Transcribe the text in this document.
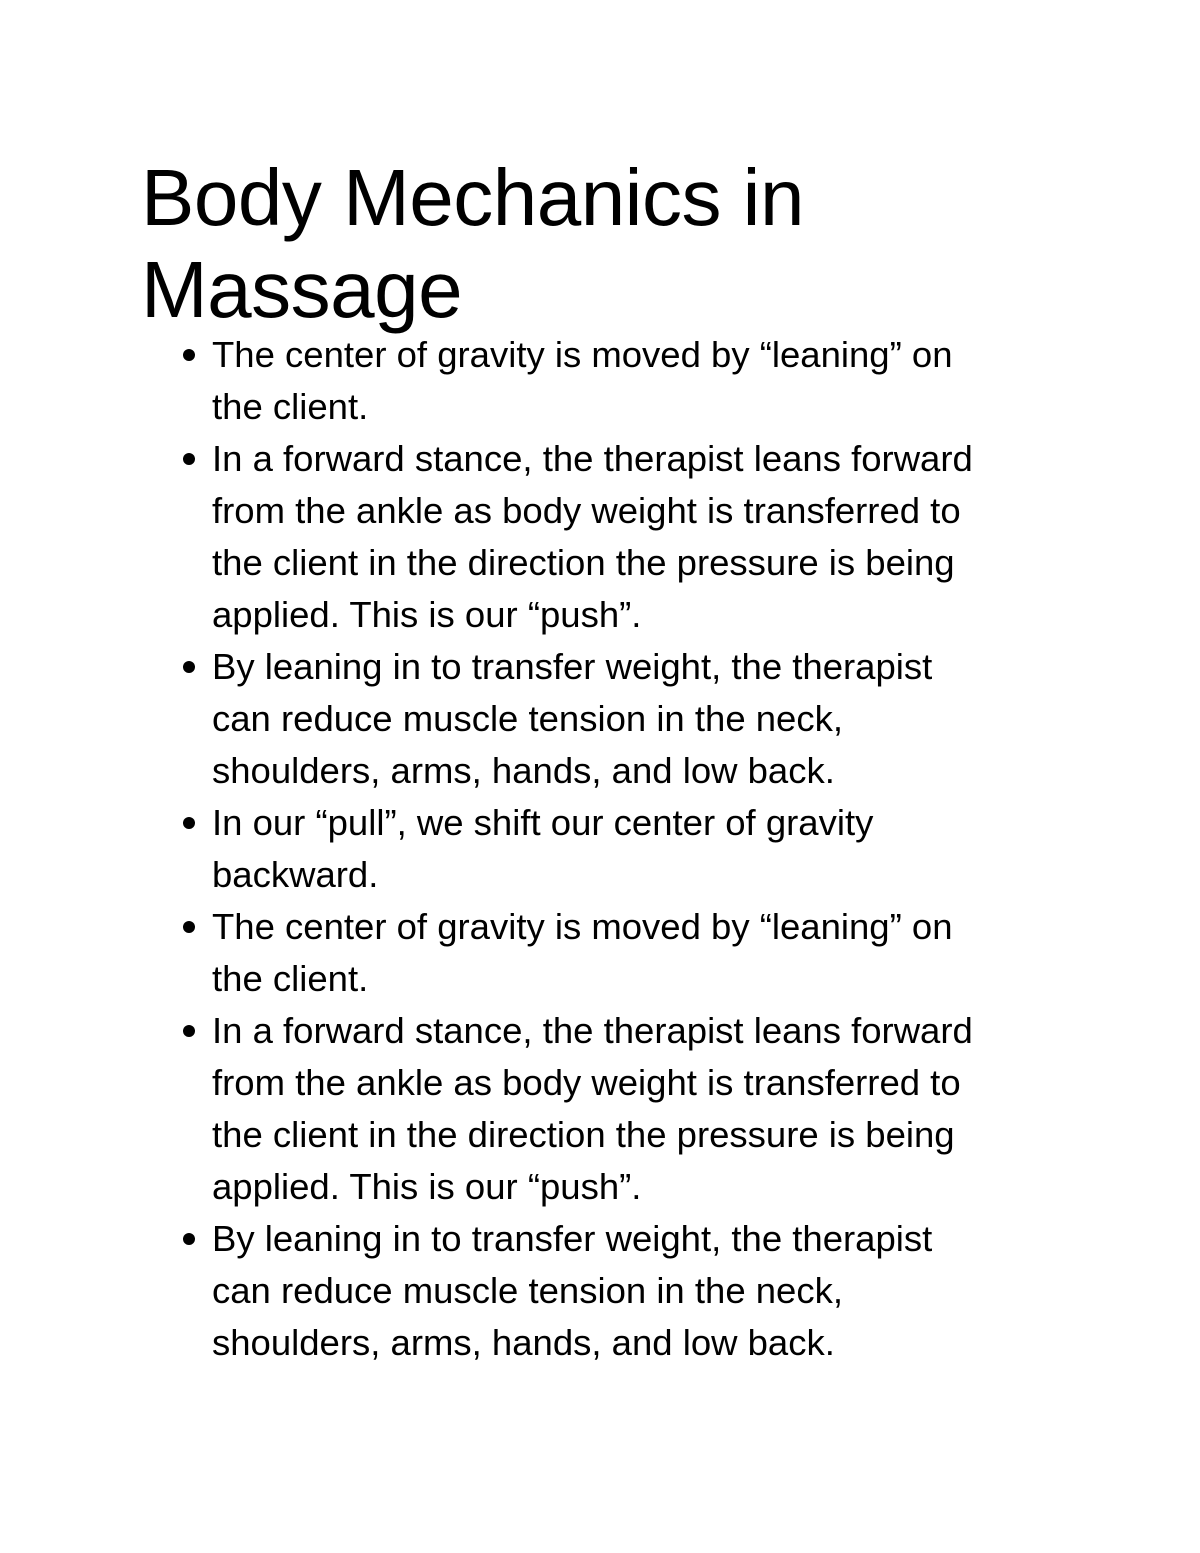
Body Mechanics in
Massage
The center of gravity is moved by “leaning” on
the client.
In a forward stance, the therapist leans forward
from the ankle as body weight is transferred to
the client in the direction the pressure is being
applied. This is our “push”.
By leaning in to transfer weight, the therapist
can reduce muscle tension in the neck,
shoulders, arms, hands, and low back.
In our “pull”, we shift our center of gravity
backward.
The center of gravity is moved by “leaning” on
the client.
In a forward stance, the therapist leans forward
from the ankle as body weight is transferred to
the client in the direction the pressure is being
applied. This is our “push”.
By leaning in to transfer weight, the therapist
can reduce muscle tension in the neck,
shoulders, arms, hands, and low back.
